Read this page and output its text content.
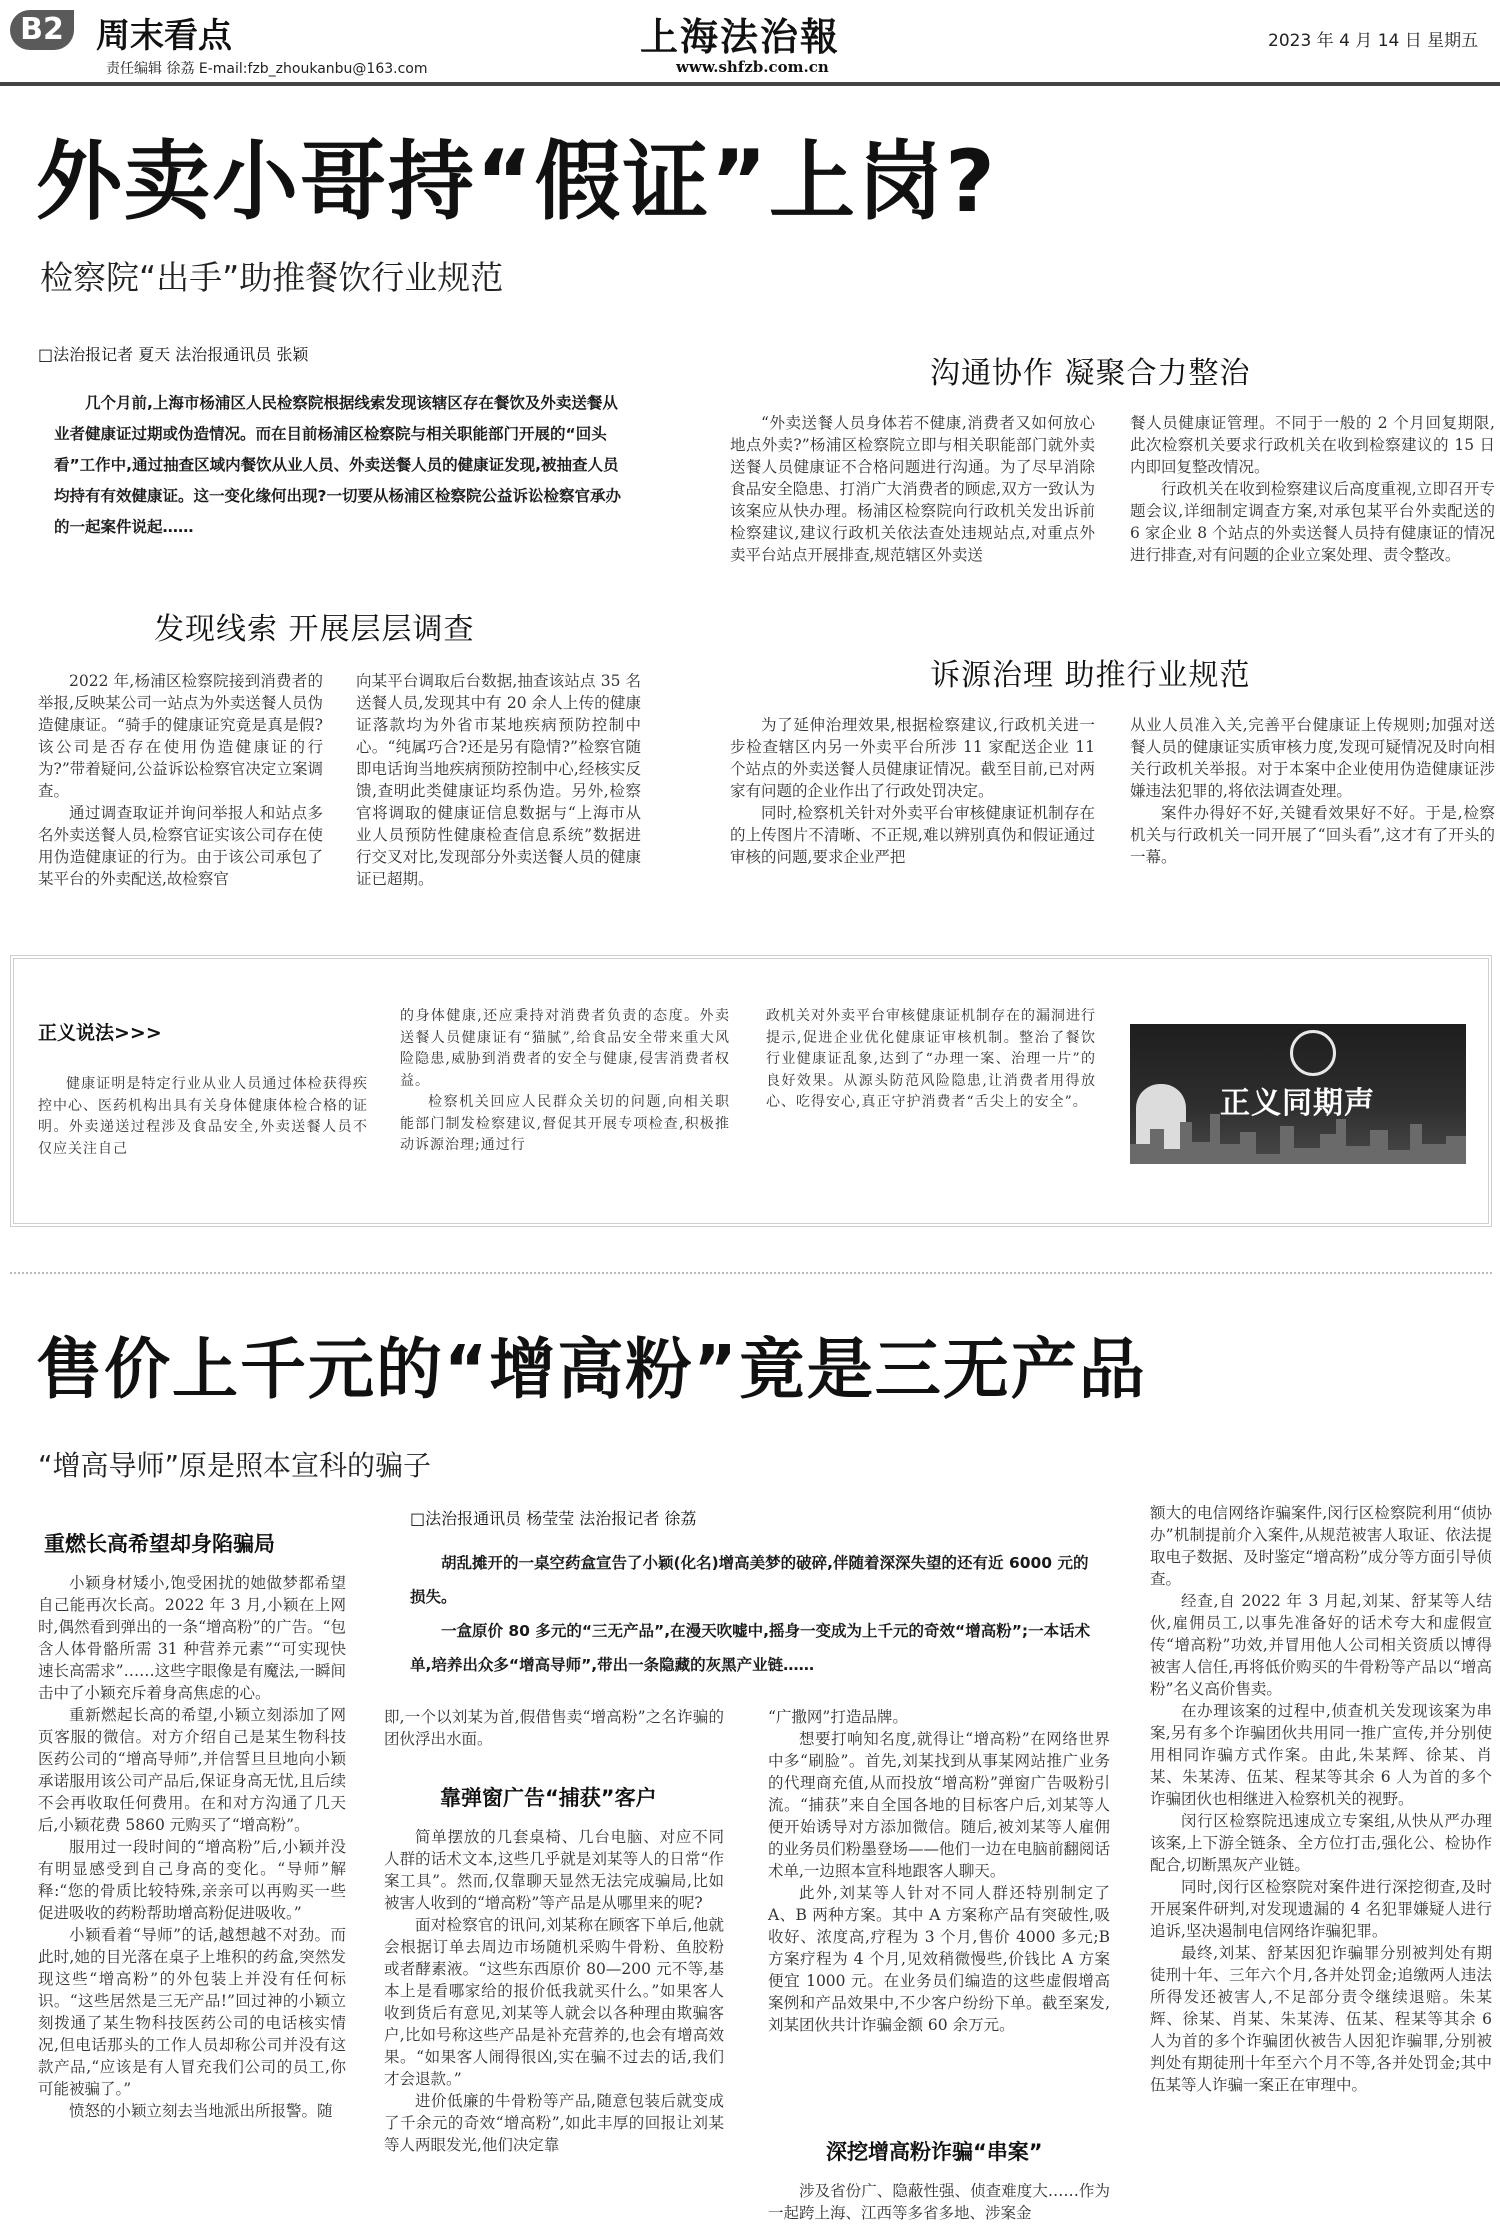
B2 周末看点
责任编辑 徐荔 E-mail:fzb_zhoukanbu@163.com
上海法治報
www.shfzb.com.cn
2023 年 4 月 14 日 星期五
外卖小哥持“假证”上岗?
检察院“出手”助推餐饮行业规范
□法治报记者 夏天 法治报通讯员 张颖
几个月前,上海市杨浦区人民检察院根据线索发现该辖区存在餐饮及外卖送餐从业者健康证过期或伪造情况。而在目前杨浦区检察院与相关职能部门开展的“回头看”工作中,通过抽查区域内餐饮从业人员、外卖送餐人员的健康证发现,被抽查人员均持有有效健康证。这一变化缘何出现?一切要从杨浦区检察院公益诉讼检察官承办的一起案件说起……
发现线索 开展层层调查

2022 年,杨浦区检察院接到消费者的举报,反映某公司一站点为外卖送餐人员伪造健康证。“骑手的健康证究竟是真是假?该公司是否存在使用伪造健康证的行为?”带着疑问,公益诉讼检察官决定立案调查。

通过调查取证并询问举报人和站点多名外卖送餐人员,检察官证实该公司存在使用伪造健康证的行为。由于该公司承包了某平台的外卖配送,故检察官

向某平台调取后台数据,抽查该站点 35 名送餐人员,发现其中有 20 余人上传的健康证落款均为外省市某地疾病预防控制中心。“纯属巧合?还是另有隐情?”检察官随即电话询当地疾病预防控制中心,经核实反馈,查明此类健康证均系伪造。另外,检察官将调取的健康证信息数据与“上海市从业人员预防性健康检查信息系统”数据进行交叉对比,发现部分外卖送餐人员的健康证已超期。

沟通协作 凝聚合力整治

“外卖送餐人员身体若不健康,消费者又如何放心地点外卖?”杨浦区检察院立即与相关职能部门就外卖送餐人员健康证不合格问题进行沟通。为了尽早消除食品安全隐患、打消广大消费者的顾虑,双方一致认为该案应从快办理。杨浦区检察院向行政机关发出诉前检察建议,建议行政机关依法查处违规站点,对重点外卖平台站点开展排查,规范辖区外卖送

餐人员健康证管理。不同于一般的 2 个月回复期限,此次检察机关要求行政机关在收到检察建议的 15 日内即回复整改情况。

行政机关在收到检察建议后高度重视,立即召开专题会议,详细制定调查方案,对承包某平台外卖配送的 6 家企业 8 个站点的外卖送餐人员持有健康证的情况进行排查,对有问题的企业立案处理、责令整改。

诉源治理 助推行业规范

为了延伸治理效果,根据检察建议,行政机关进一步检查辖区内另一外卖平台所涉 11 家配送企业 11 个站点的外卖送餐人员健康证情况。截至目前,已对两家有问题的企业作出了行政处罚决定。

同时,检察机关针对外卖平台审核健康证机制存在的上传图片不清晰、不正规,难以辨别真伪和假证通过审核的问题,要求企业严把

从业人员准入关,完善平台健康证上传规则;加强对送餐人员的健康证实质审核力度,发现可疑情况及时向相关行政机关举报。对于本案中企业使用伪造健康证涉嫌违法犯罪的,将依法调查处理。

案件办得好不好,关键看效果好不好。于是,检察机关与行政机关一同开展了“回头看”,这才有了开头的一幕。

正义说法>>>

健康证明是特定行业从业人员通过体检获得疾控中心、医药机构出具有关身体健康体检合格的证明。外卖递送过程涉及食品安全,外卖送餐人员不仅应关注自己

的身体健康,还应秉持对消费者负责的态度。外卖送餐人员健康证有“猫腻”,给食品安全带来重大风险隐患,威胁到消费者的安全与健康,侵害消费者权益。

检察机关回应人民群众关切的问题,向相关职能部门制发检察建议,督促其开展专项检查,积极推动诉源治理;通过行

政机关对外卖平台审核健康证机制存在的漏洞进行提示,促进企业优化健康证审核机制。整治了餐饮行业健康证乱象,达到了“办理一案、治理一片”的良好效果。从源头防范风险隐患,让消费者用得放心、吃得安心,真正守护消费者“舌尖上的安全”。	正义同期声
售价上千元的“增高粉”竟是三无产品
“增高导师”原是照本宣科的骗子
□法治报通讯员 杨莹莹 法治报记者 徐荔

胡乱摊开的一桌空药盒宣告了小颖(化名)增高美梦的破碎,伴随着深深失望的还有近 6000 元的损失。

一盒原价 80 多元的“三无产品”,在漫天吹嘘中,摇身一变成为上千元的奇效“增高粉”;一本话术单,培养出众多“增高导师”,带出一条隐藏的灰黑产业链……

重燃长高希望却身陷骗局

小颖身材矮小,饱受困扰的她做梦都希望自己能再次长高。2022 年 3 月,小颖在上网时,偶然看到弹出的一条“增高粉”的广告。“包含人体骨骼所需 31 种营养元素”“可实现快速长高需求”……这些字眼像是有魔法,一瞬间击中了小颖充斥着身高焦虑的心。

重新燃起长高的希望,小颖立刻添加了网页客服的微信。对方介绍自己是某生物科技医药公司的“增高导师”,并信誓旦旦地向小颖承诺服用该公司产品后,保证身高无忧,且后续不会再收取任何费用。在和对方沟通了几天后,小颖花费 5860 元购买了“增高粉”。

服用过一段时间的“增高粉”后,小颖并没有明显感受到自己身高的变化。“导师”解释:“您的骨质比较特殊,亲亲可以再购买一些促进吸收的药粉帮助增高粉促进吸收。”

小颖看着“导师”的话,越想越不对劲。而此时,她的目光落在桌子上堆积的药盒,突然发现这些“增高粉”的外包装上并没有任何标识。“这些居然是三无产品!”回过神的小颖立刻拨通了某生物科技医药公司的电话核实情况,但电话那头的工作人员却称公司并没有这款产品,“应该是有人冒充我们公司的员工,你可能被骗了。”

愤怒的小颖立刻去当地派出所报警。随

即,一个以刘某为首,假借售卖“增高粉”之名诈骗的团伙浮出水面。

靠弹窗广告“捕获”客户

简单摆放的几套桌椅、几台电脑、对应不同人群的话术文本,这些几乎就是刘某等人的日常“作案工具”。然而,仅靠聊天显然无法完成骗局,比如被害人收到的“增高粉”等产品是从哪里来的呢?

面对检察官的讯问,刘某称在顾客下单后,他就会根据订单去周边市场随机采购牛骨粉、鱼胶粉或者酵素液。“这些东西原价 80—200 元不等,基本上是看哪家给的报价低我就买什么。”如果客人收到货后有意见,刘某等人就会以各种理由欺骗客户,比如号称这些产品是补充营养的,也会有增高效果。“如果客人闹得很凶,实在骗不过去的话,我们才会退款。”

进价低廉的牛骨粉等产品,随意包装后就变成了千余元的奇效“增高粉”,如此丰厚的回报让刘某等人两眼发光,他们决定靠

“广撒网”打造品牌。

想要打响知名度,就得让“增高粉”在网络世界中多“刷脸”。首先,刘某找到从事某网站推广业务的代理商充值,从而投放“增高粉”弹窗广告吸粉引流。“捕获”来自全国各地的目标客户后,刘某等人便开始诱导对方添加微信。随后,被刘某等人雇佣的业务员们粉墨登场——他们一边在电脑前翻阅话术单,一边照本宣科地跟客人聊天。

此外,刘某等人针对不同人群还特别制定了 A、B 两种方案。其中 A 方案称产品有突破性,吸收好、浓度高,疗程为 3 个月,售价 4000 多元;B 方案疗程为 4 个月,见效稍微慢些,价钱比 A 方案便宜 1000 元。在业务员们编造的这些虚假增高案例和产品效果中,不少客户纷纷下单。截至案发,刘某团伙共计诈骗金额 60 余万元。

深挖增高粉诈骗“串案”

涉及省份广、隐蔽性强、侦查难度大……作为一起跨上海、江西等多省多地、涉案金

额大的电信网络诈骗案件,闵行区检察院利用“侦协办”机制提前介入案件,从规范被害人取证、依法提取电子数据、及时鉴定“增高粉”成分等方面引导侦查。

经查,自 2022 年 3 月起,刘某、舒某等人结伙,雇佣员工,以事先准备好的话术夸大和虚假宣传“增高粉”功效,并冒用他人公司相关资质以博得被害人信任,再将低价购买的牛骨粉等产品以“增高粉”名义高价售卖。

在办理该案的过程中,侦查机关发现该案为串案,另有多个诈骗团伙共用同一推广宣传,并分别使用相同诈骗方式作案。由此,朱某辉、徐某、肖某、朱某涛、伍某、程某等其余 6 人为首的多个诈骗团伙也相继进入检察机关的视野。

闵行区检察院迅速成立专案组,从快从严办理该案,上下游全链条、全方位打击,强化公、检协作配合,切断黑灰产业链。

同时,闵行区检察院对案件进行深挖彻查,及时开展案件研判,对发现遗漏的 4 名犯罪嫌疑人进行追诉,坚决遏制电信网络诈骗犯罪。

最终,刘某、舒某因犯诈骗罪分别被判处有期徒刑十年、三年六个月,各并处罚金;追缴两人违法所得发还被害人,不足部分责令继续退赔。朱某辉、徐某、肖某、朱某涛、伍某、程某等其余 6 人为首的多个诈骗团伙被告人因犯诈骗罪,分别被判处有期徒刑十年至六个月不等,各并处罚金;其中伍某等人诈骗一案正在审理中。
